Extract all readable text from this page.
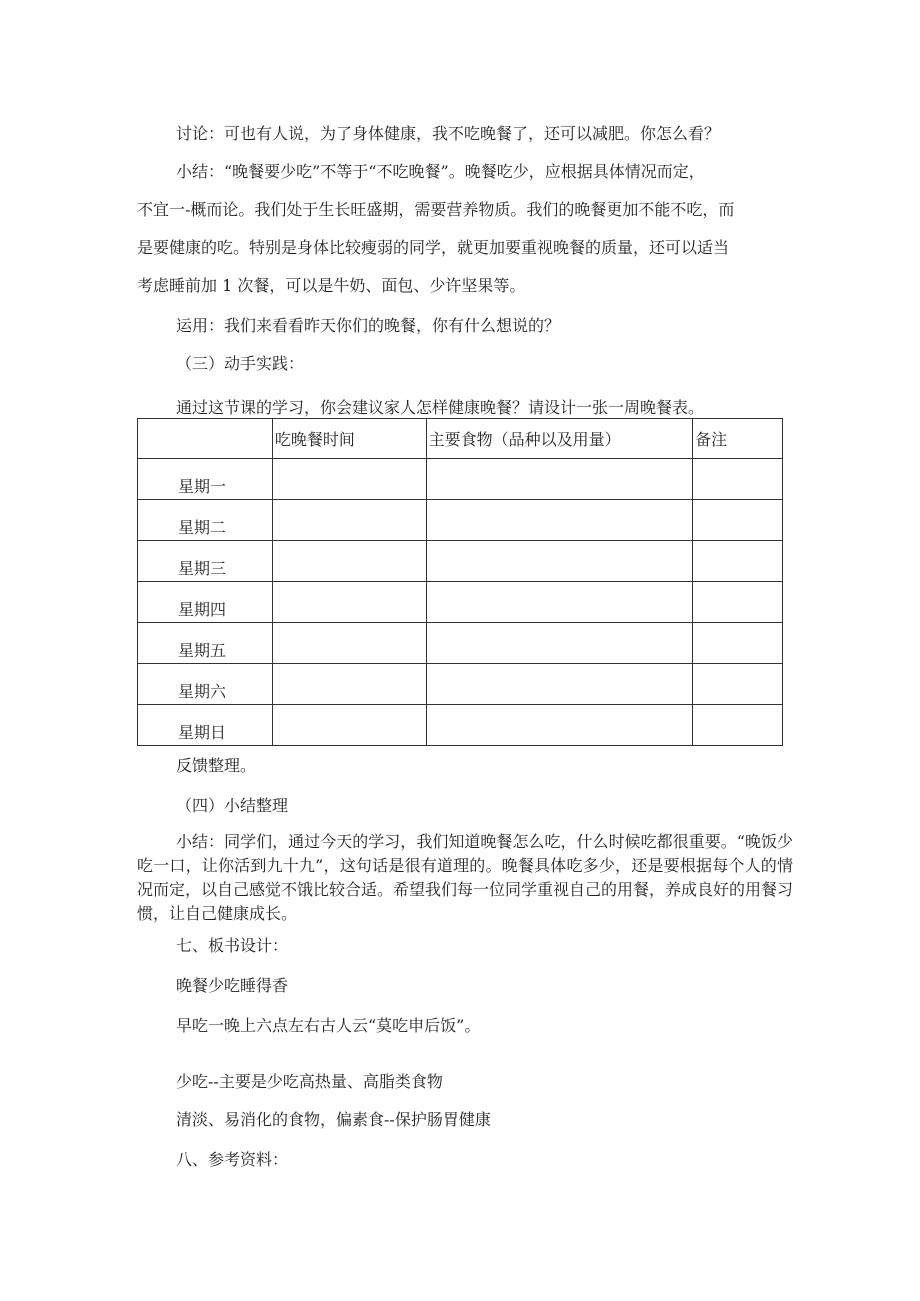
讨论：可也有人说，为了身体健康，我不吃晚餐了，还可以减肥。你怎么看？
小结：“晚餐要少吃”不等于“不吃晚餐”。晚餐吃少，应根据具体情况而定，
不宜一-概而论。我们处于生长旺盛期，需要营养物质。我们的晚餐更加不能不吃，而
是要健康的吃。特别是身体比较瘦弱的同学，就更加要重视晚餐的质量，还可以适当
考虑睡前加 1 次餐，可以是牛奶、面包、少许坚果等。
运用：我们来看看昨天你们的晚餐，你有什么想说的？
（三）动手实践：
通过这节课的学习，你会建议家人怎样健康晚餐？请设计一张一周晚餐表。
	吃晚餐时间	主要食物（品种以及用量）	备注
星期一			
星期二			
星期三			
星期四			
星期五			
星期六			
星期日			
反馈整理。
（四）小结整理
小结：同学们，通过今天的学习，我们知道晚餐怎么吃，什么时候吃都很重要。“晚饭少吃一口，让你活到九十九”，这句话是很有道理的。晚餐具体吃多少，还是要根据每个人的情况而定，以自己感觉不饿比较合适。希望我们每一位同学重视自己的用餐，养成良好的用餐习惯，让自己健康成长。
七、板书设计：
晚餐少吃睡得香
早吃一晚上六点左右古人云“莫吃申后饭”。
少吃--主要是少吃高热量、高脂类食物
清淡、易消化的食物，偏素食--保护肠胃健康
八、参考资料：
